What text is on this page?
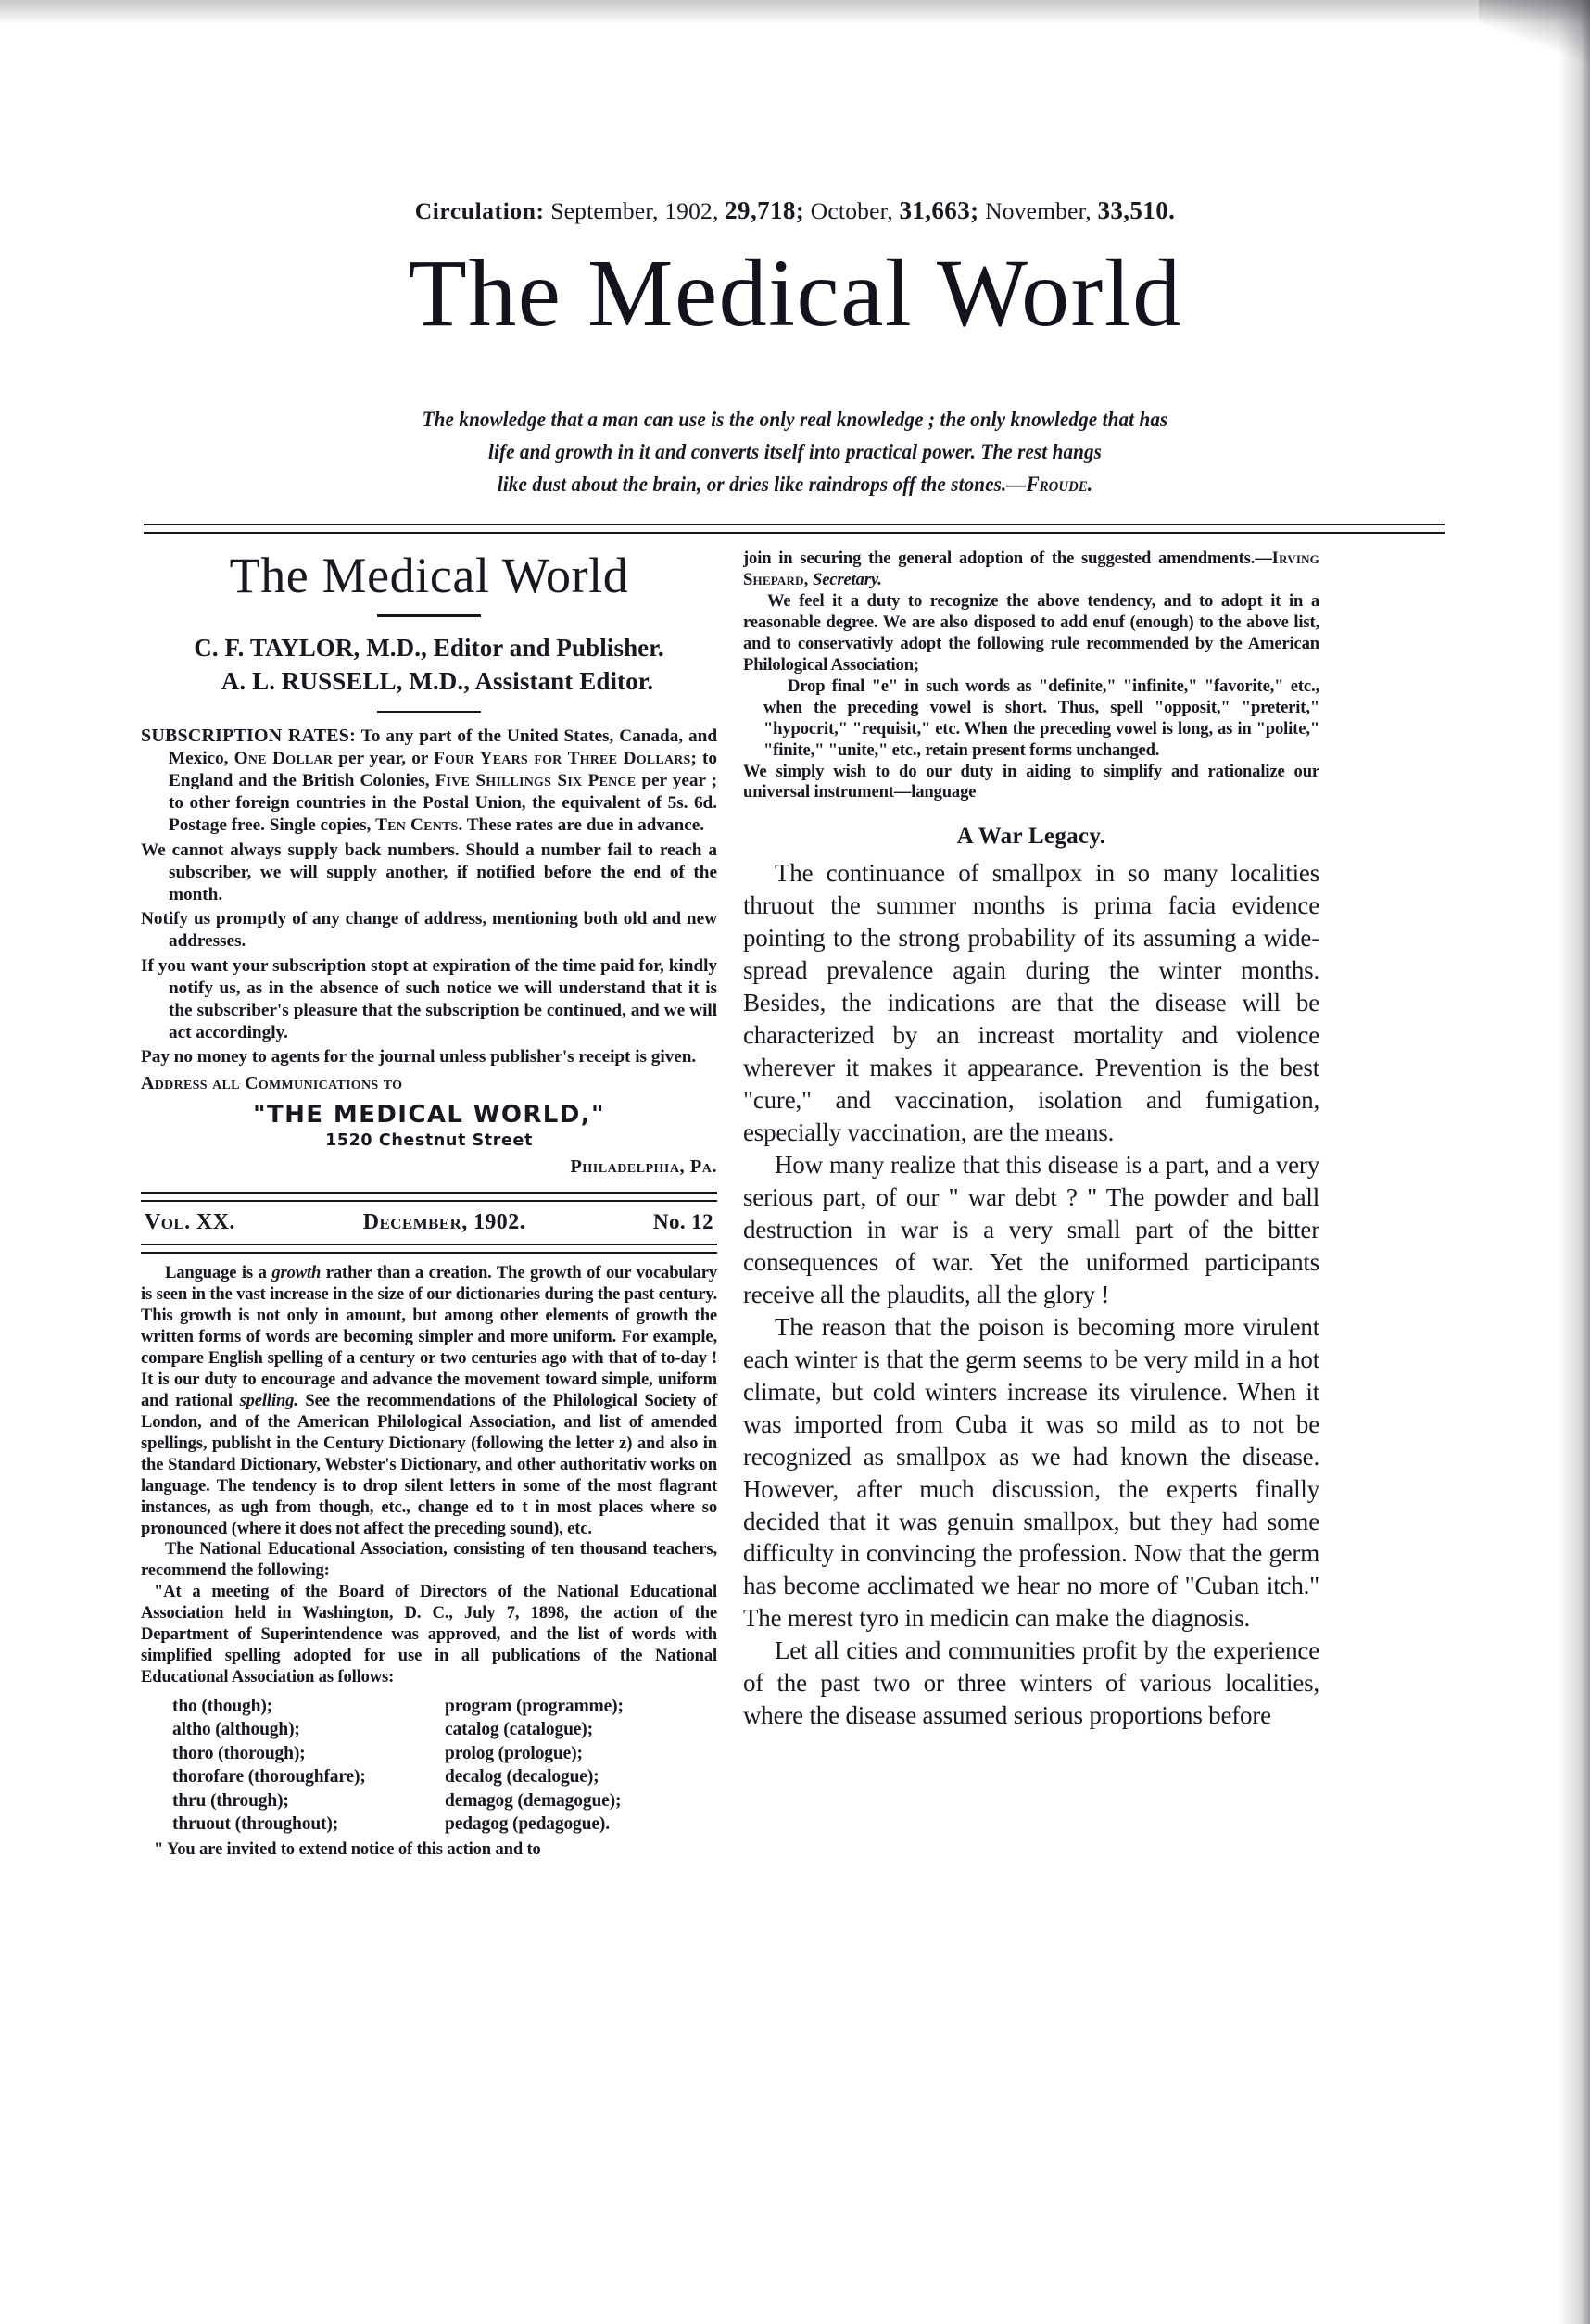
Circulation: September, 1902, 29,718; October, 31,663; November, 33,510.
The Medical World
The knowledge that a man can use is the only real knowledge ; the only knowledge that has
life and growth in it and converts itself into practical power. The rest hangs
like dust about the brain, or dries like raindrops off the stones.—Froude.
The Medical World
C. F. TAYLOR, M.D., Editor and Publisher.
A. L. RUSSELL, M.D., Assistant Editor.

SUBSCRIPTION RATES: To any part of the United States, Canada, and Mexico, One Dollar per year, or Four Years for Three Dollars; to England and the British Colonies, Five Shillings Six Pence per year ; to other foreign countries in the Postal Union, the equivalent of 5s. 6d. Postage free. Single copies, Ten Cents. These rates are due in advance.

We cannot always supply back numbers. Should a number fail to reach a subscriber, we will supply another, if notified before the end of the month.

Notify us promptly of any change of address, mentioning both old and new addresses.

If you want your subscription stopt at expiration of the time paid for, kindly notify us, as in the absence of such notice we will understand that it is the subscriber's pleasure that the subscription be continued, and we will act accordingly.

Pay no money to agents for the journal unless publisher's receipt is given.

Address all Communications to
"THE MEDICAL WORLD,"
1520 Chestnut Street
Philadelphia, Pa.
Vol. XX.	December, 1902.	No. 12

Language is a growth rather than a creation. The growth of our vocabulary is seen in the vast increase in the size of our dictionaries during the past century. This growth is not only in amount, but among other elements of growth the written forms of words are becoming simpler and more uniform. For example, compare English spelling of a century or two centuries ago with that of to-day ! It is our duty to encourage and advance the movement toward simple, uniform and rational spelling. See the recommendations of the Philological Society of London, and of the American Philological Association, and list of amended spellings, publisht in the Century Dictionary (following the letter z) and also in the Standard Dictionary, Webster's Dictionary, and other authoritativ works on language. The tendency is to drop silent letters in some of the most flagrant instances, as ugh from though, etc., change ed to t in most places where so pronounced (where it does not affect the preceding sound), etc.

The National Educational Association, consisting of ten thousand teachers, recommend the following:

"At a meeting of the Board of Directors of the National Educational Association held in Washington, D. C., July 7, 1898, the action of the Department of Superintendence was approved, and the list of words with simplified spelling adopted for use in all publications of the National Educational Association as follows:

tho (though);
altho (although);
thoro (thorough);
thorofare (thoroughfare);
thru (through);
thruout (throughout);
program (programme);
catalog (catalogue);
prolog (prologue);
decalog (decalogue);
demagog (demagogue);
pedagog (pedagogue).

" You are invited to extend notice of this action and to

join in securing the general adoption of the suggested amendments.—Irving Shepard, Secretary.

We feel it a duty to recognize the above tendency, and to adopt it in a reasonable degree. We are also disposed to add enuf (enough) to the above list, and to conservativly adopt the following rule recommended by the American Philological Association;

Drop final "e" in such words as "definite," "infinite," "favorite," etc., when the preceding vowel is short. Thus, spell "opposit," "preterit," "hypocrit," "requisit," etc. When the preceding vowel is long, as in "polite," "finite," "unite," etc., retain present forms unchanged.

We simply wish to do our duty in aiding to simplify and rationalize our universal instrument—language

A War Legacy.

The continuance of smallpox in so many localities thruout the summer months is prima facia evidence pointing to the strong probability of its assuming a wide-spread prevalence again during the winter months. Besides, the indications are that the disease will be characterized by an increast mortality and violence wherever it makes it appearance. Prevention is the best "cure," and vaccination, isolation and fumigation, especially vaccination, are the means.

How many realize that this disease is a part, and a very serious part, of our " war debt ? " The powder and ball destruction in war is a very small part of the bitter consequences of war. Yet the uniformed participants receive all the plaudits, all the glory !

The reason that the poison is becoming more virulent each winter is that the germ seems to be very mild in a hot climate, but cold winters increase its virulence. When it was imported from Cuba it was so mild as to not be recognized as smallpox as we had known the disease. However, after much discussion, the experts finally decided that it was genuin smallpox, but they had some difficulty in convincing the profession. Now that the germ has become acclimated we hear no more of "Cuban itch." The merest tyro in medicin can make the diagnosis.

Let all cities and communities profit by the experience of the past two or three winters of various localities, where the disease assumed serious proportions before
